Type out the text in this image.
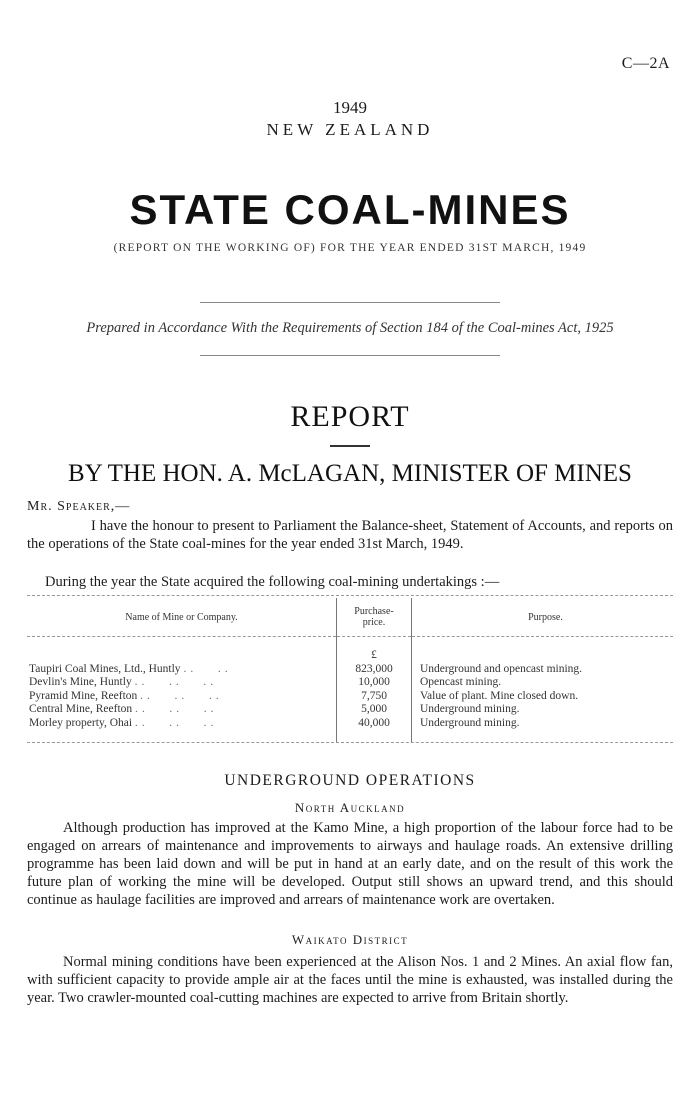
C—2A
1949
NEW ZEALAND
STATE COAL-MINES
(REPORT ON THE WORKING OF) FOR THE YEAR ENDED 31ST MARCH, 1949
Prepared in Accordance With the Requirements of Section 184 of the Coal-mines Act, 1925
REPORT
BY THE HON. A. McLAGAN, MINISTER OF MINES
Mr. Speaker,—
I have the honour to present to Parliament the Balance-sheet, Statement of Accounts, and reports on the operations of the State coal-mines for the year ended 31st March, 1949.
During the year the State acquired the following coal-mining undertakings :—
Name of Mine or Company.	Purchase-price.	Purpose.
	£	
Taupiri Coal Mines, Ltd., Huntly ..   ..	823,000	Underground and opencast mining.
Devlin's Mine, Huntly ..   ..   ..	10,000	Opencast mining.
Pyramid Mine, Reefton ..   ..   ..	7,750	Value of plant. Mine closed down.
Central Mine, Reefton ..   ..   ..	5,000	Underground mining.
Morley property, Ohai ..   ..   ..	40,000	Underground mining.
UNDERGROUND OPERATIONS
North Auckland
Although production has improved at the Kamo Mine, a high proportion of the labour force had to be engaged on arrears of maintenance and improvements to airways and haulage roads. An extensive drilling programme has been laid down and will be put in hand at an early date, and on the result of this work the future plan of working the mine will be developed. Output still shows an upward trend, and this should continue as haulage facilities are improved and arrears of maintenance work are overtaken.
Waikato District
Normal mining conditions have been experienced at the Alison Nos. 1 and 2 Mines. An axial flow fan, with sufficient capacity to provide ample air at the faces until the mine is exhausted, was installed during the year. Two crawler-mounted coal-cutting machines are expected to arrive from Britain shortly.
